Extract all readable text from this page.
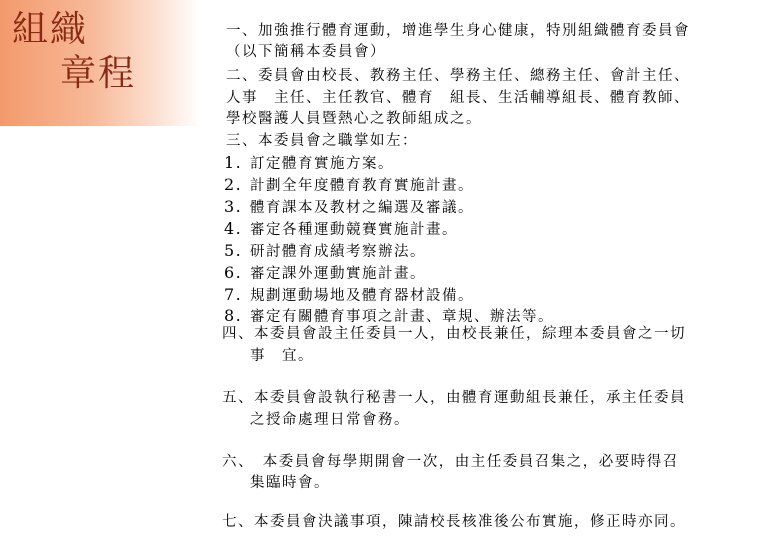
組織
章程
一、加強推行體育運動，增進學生身心健康，特別組織體育委員會
（以下簡稱本委員會）
二、委員會由校長、教務主任、學務主任、總務主任、會計主任、
人事　主任、主任教官、體育　組長、生活輔導組長、體育教師、
學校醫護人員暨熱心之教師組成之。
三、本委員會之職掌如左：
1. 訂定體育實施方案。
2. 計劃全年度體育教育實施計畫。
3. 體育課本及教材之編選及審議。
4. 審定各種運動競賽實施計畫。
5. 研討體育成績考察辦法。
6. 審定課外運動實施計畫。
7. 規劃運動場地及體育器材設備。
8. 審定有關體育事項之計畫、章規、辦法等。
四、本委員會設主任委員一人，由校長兼任，綜理本委員會之一切
事　宜。
五、本委員會設執行秘書一人，由體育運動組長兼任，承主任委員
之授命處理日常會務。
六、　本委員會每學期開會一次，由主任委員召集之，必要時得召
集臨時會。
七、本委員會決議事項，陳請校長核准後公布實施，修正時亦同。
